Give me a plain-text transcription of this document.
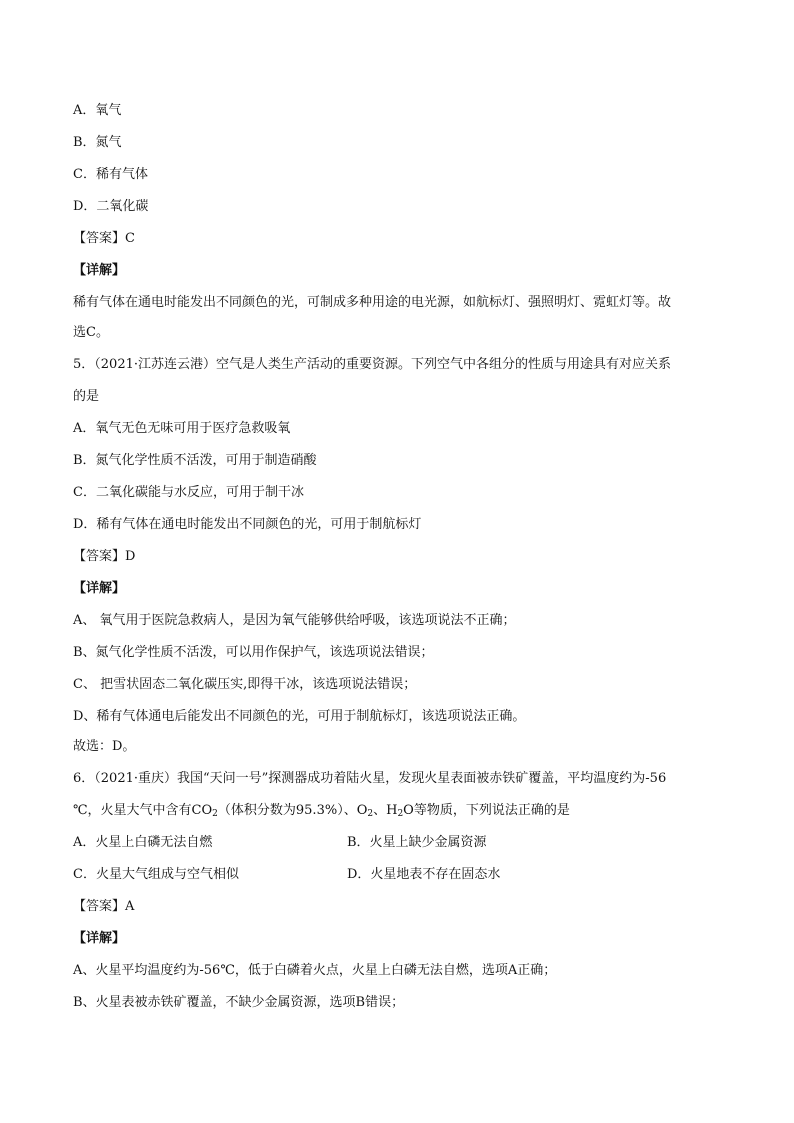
A．氧气
B．氮气
C．稀有气体
D．二氧化碳
【答案】C
【详解】
稀有气体在通电时能发出不同颜色的光，可制成多种用途的电光源，如航标灯、强照明灯、霓虹灯等。故
选C。
5．（2021·江苏连云港）空气是人类生产活动的重要资源。下列空气中各组分的性质与用途具有对应关系
的是
A．氧气无色无味可用于医疗急救吸氧
B．氮气化学性质不活泼，可用于制造硝酸
C．二氧化碳能与水反应，可用于制干冰
D．稀有气体在通电时能发出不同颜色的光，可用于制航标灯
【答案】D
【详解】
A、 氧气用于医院急救病人，是因为氧气能够供给呼吸，该选项说法不正确；
B、氮气化学性质不活泼，可以用作保护气，该选项说法错误；
C、 把雪状固态二氧化碳压实,即得干冰，该选项说法错误；
D、稀有气体通电后能发出不同颜色的光，可用于制航标灯，该选项说法正确。
故选：D。
6．（2021·重庆）我国“天问一号”探测器成功着陆火星，发现火星表面被赤铁矿覆盖，平均温度约为-56
℃，火星大气中含有$CO_2$（体积分数为95.3%）、$O_2$、$H_2O$等物质，下列说法正确的是
A．火星上白磷无法自燃	B．火星上缺少金属资源
C．火星大气组成与空气相似	D．火星地表不存在固态水
【答案】A
【详解】
A、火星平均温度约为-56℃，低于白磷着火点，火星上白磷无法自燃，选项A正确；
B、火星表被赤铁矿覆盖，不缺少金属资源，选项B错误；
